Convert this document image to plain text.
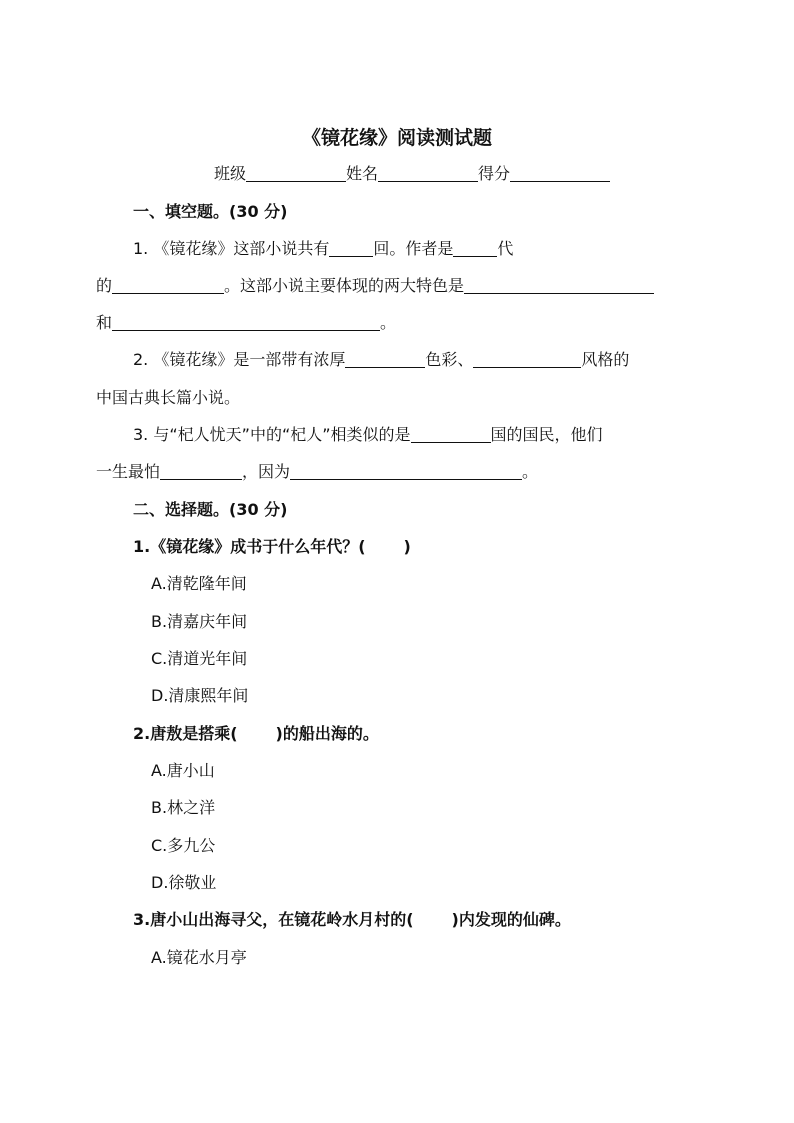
《镜花缘》阅读测试题
班级	姓名	得分
一、填空题。(30 分)
1. 《镜花缘》这部小说共有	回。作者是	代
的	。这部小说主要体现的两大特色是
和	。
2. 《镜花缘》是一部带有浓厚	色彩、	风格的
中国古典长篇小说。
3. 与“杞人忧天”中的“杞人”相类似的是	国的国民，他们
一生最怕	，因为	。
二、选择题。(30 分)
1.《镜花缘》成书于什么年代？( )
A.清乾隆年间
B.清嘉庆年间
C.清道光年间
D.清康熙年间
2.唐敖是搭乘( )的船出海的。
A.唐小山
B.林之洋
C.多九公
D.徐敬业
3.唐小山出海寻父，在镜花岭水月村的( )内发现的仙碑。
A.镜花水月亭
